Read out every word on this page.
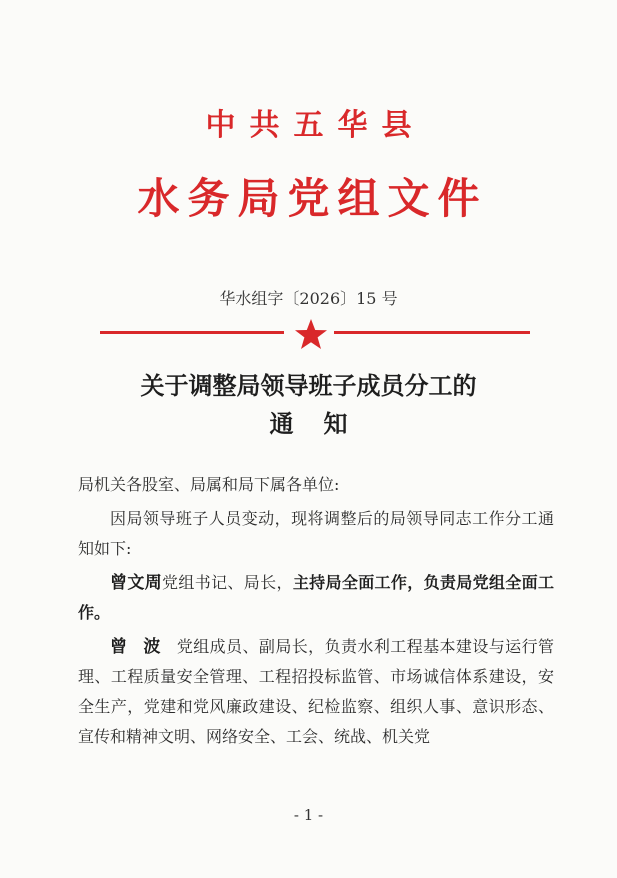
中共五华县
水务局党组文件
华水组字〔2026〕15 号
关于调整局领导班子成员分工的
通知

局机关各股室、局属和局下属各单位:

因局领导班子人员变动，现将调整后的局领导同志工作分工通知如下:

曾文周党组书记、局长，主持局全面工作，负责局党组全面工作。

曾波党组成员、副局长，负责水利工程基本建设与运行管理、工程质量安全管理、工程招投标监管、市场诚信体系建设，安全生产，党建和党风廉政建设、纪检监察、组织人事、意识形态、宣传和精神文明、网络安全、工会、统战、机关党

- 1 -
